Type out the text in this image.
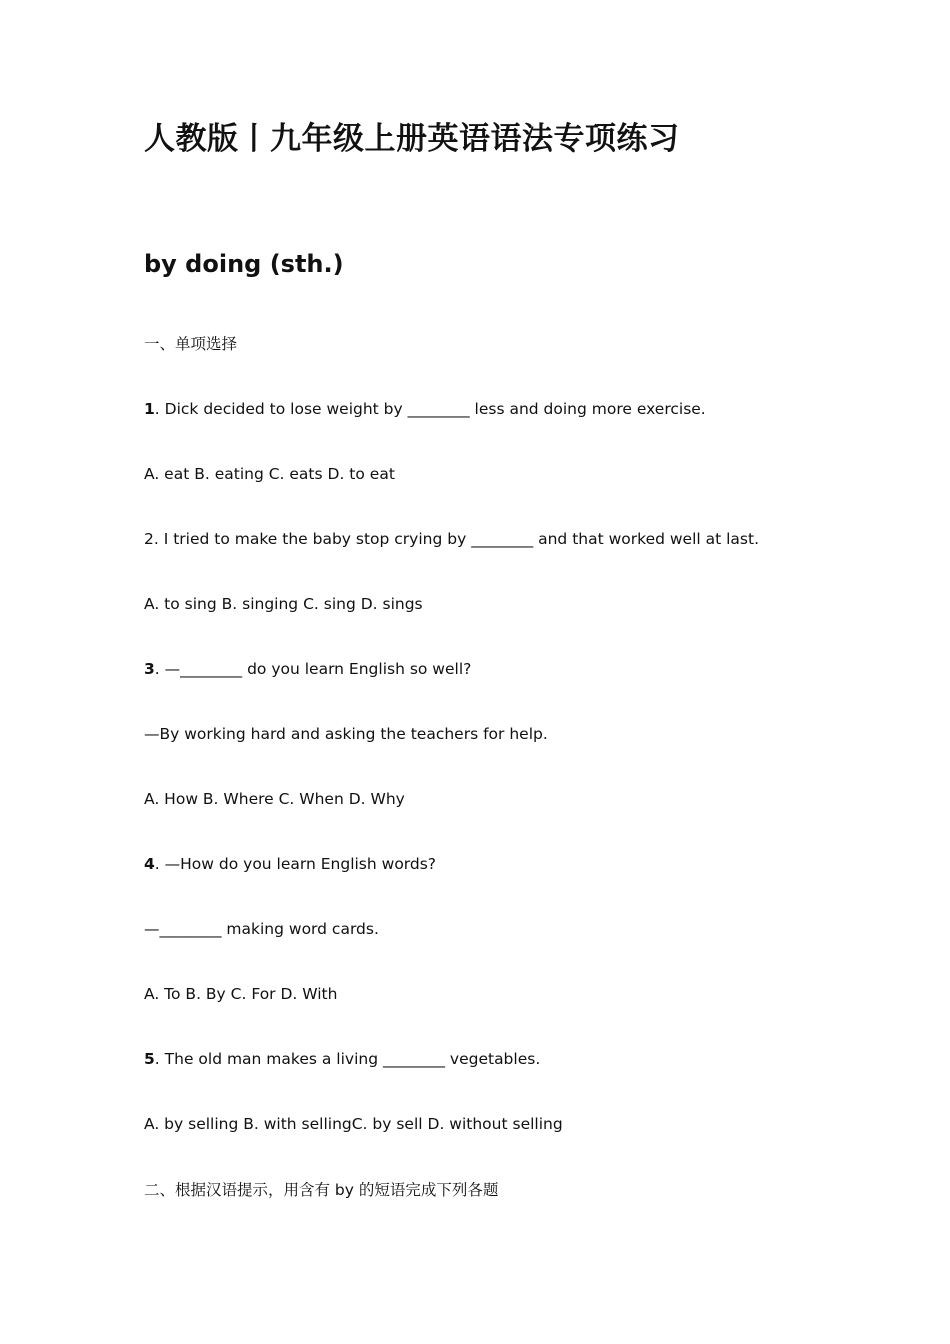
人教版丨九年级上册英语语法专项练习
by doing (sth.)
一、单项选择
1. Dick decided to lose weight by ________ less and doing more exercise.
A. eat B. eating C. eats D. to eat
2. I tried to make the baby stop crying by ________ and that worked well at last.
A. to sing B. singing C. sing D. sings
3. —________ do you learn English so well?
—By working hard and asking the teachers for help.
A. How B. Where C. When D. Why
4. —How do you learn English words?
—________ making word cards.
A. To B. By C. For D. With
5. The old man makes a living ________ vegetables.
A. by selling B. with sellingC. by sell D. without selling
二、根据汉语提示，用含有 by 的短语完成下列各题
